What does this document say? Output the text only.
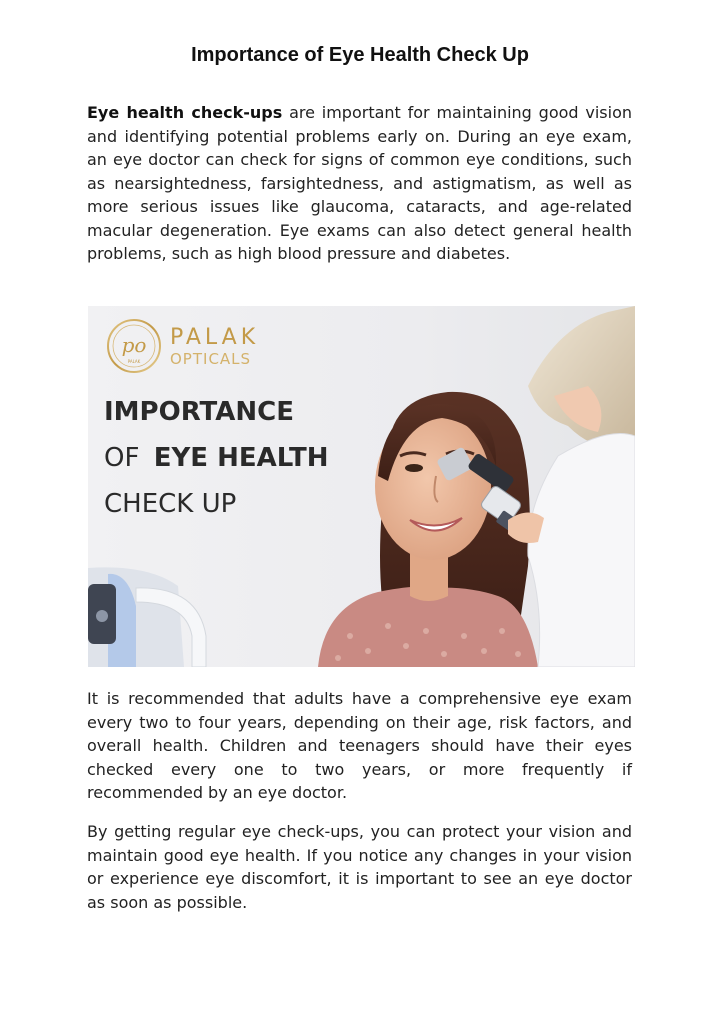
Importance of Eye Health Check Up

Eye health check-ups are important for maintaining good vision and identifying potential problems early on. During an eye exam, an eye doctor can check for signs of common eye conditions, such as nearsightedness, farsightedness, and astigmatism, as well as more serious issues like glaucoma, cataracts, and age-related macular degeneration. Eye exams can also detect general health problems, such as high blood pressure and diabetes.

po
PALAK
PALAK
OPTICALS
IMPORTANCE
OF EYE HEALTH
CHECK UP

It is recommended that adults have a comprehensive eye exam every two to four years, depending on their age, risk factors, and overall health. Children and teenagers should have their eyes checked every one to two years, or more frequently if recommended by an eye doctor.

By getting regular eye check-ups, you can protect your vision and maintain good eye health. If you notice any changes in your vision or experience eye discomfort, it is important to see an eye doctor as soon as possible.
